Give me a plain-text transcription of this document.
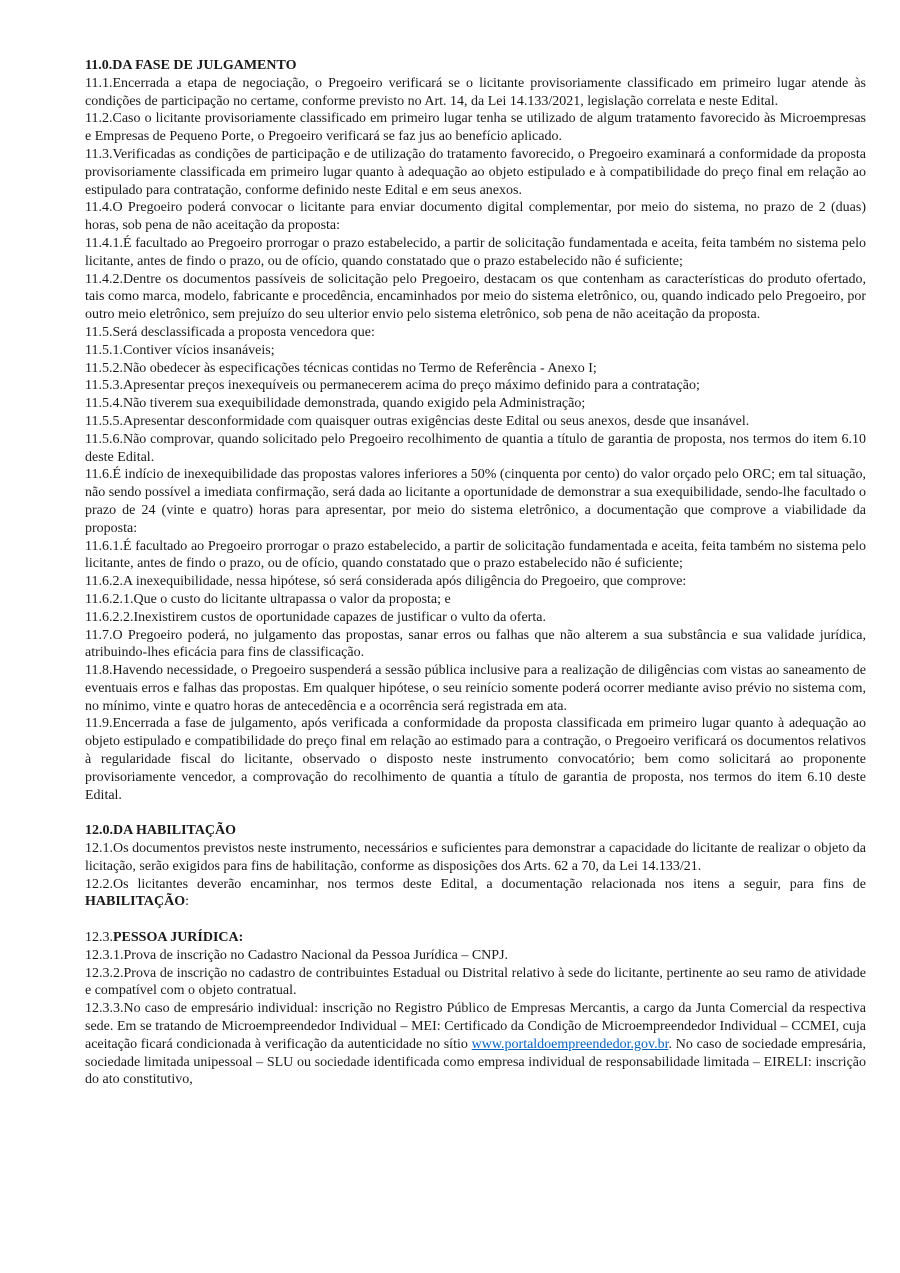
11.0.DA FASE DE JULGAMENTO

11.1.Encerrada a etapa de negociação, o Pregoeiro verificará se o licitante provisoriamente classificado em primeiro lugar atende às condições de participação no certame, conforme previsto no Art. 14, da Lei 14.133/2021, legislação correlata e neste Edital.

11.2.Caso o licitante provisoriamente classificado em primeiro lugar tenha se utilizado de algum tratamento favorecido às Microempresas e Empresas de Pequeno Porte, o Pregoeiro verificará se faz jus ao benefício aplicado.

11.3.Verificadas as condições de participação e de utilização do tratamento favorecido, o Pregoeiro examinará a conformidade da proposta provisoriamente classificada em primeiro lugar quanto à adequação ao objeto estipulado e à compatibilidade do preço final em relação ao estipulado para contratação, conforme definido neste Edital e em seus anexos.

11.4.O Pregoeiro poderá convocar o licitante para enviar documento digital complementar, por meio do sistema, no prazo de 2 (duas) horas, sob pena de não aceitação da proposta:

11.4.1.É facultado ao Pregoeiro prorrogar o prazo estabelecido, a partir de solicitação fundamentada e aceita, feita também no sistema pelo licitante, antes de findo o prazo, ou de ofício, quando constatado que o prazo estabelecido não é suficiente;

11.4.2.Dentre os documentos passíveis de solicitação pelo Pregoeiro, destacam os que contenham as características do produto ofertado, tais como marca, modelo, fabricante e procedência, encaminhados por meio do sistema eletrônico, ou, quando indicado pelo Pregoeiro, por outro meio eletrônico, sem prejuízo do seu ulterior envio pelo sistema eletrônico, sob pena de não aceitação da proposta.

11.5.Será desclassificada a proposta vencedora que:

11.5.1.Contiver vícios insanáveis;

11.5.2.Não obedecer às especificações técnicas contidas no Termo de Referência - Anexo I;

11.5.3.Apresentar preços inexequíveis ou permanecerem acima do preço máximo definido para a contratação;

11.5.4.Não tiverem sua exequibilidade demonstrada, quando exigido pela Administração;

11.5.5.Apresentar desconformidade com quaisquer outras exigências deste Edital ou seus anexos, desde que insanável.

11.5.6.Não comprovar, quando solicitado pelo Pregoeiro recolhimento de quantia a título de garantia de proposta, nos termos do item 6.10 deste Edital.

11.6.É indício de inexequibilidade das propostas valores inferiores a 50% (cinquenta por cento) do valor orçado pelo ORC; em tal situação, não sendo possível a imediata confirmação, será dada ao licitante a oportunidade de demonstrar a sua exequibilidade, sendo-lhe facultado o prazo de 24 (vinte e quatro) horas para apresentar, por meio do sistema eletrônico, a documentação que comprove a viabilidade da proposta:

11.6.1.É facultado ao Pregoeiro prorrogar o prazo estabelecido, a partir de solicitação fundamentada e aceita, feita também no sistema pelo licitante, antes de findo o prazo, ou de ofício, quando constatado que o prazo estabelecido não é suficiente;

11.6.2.A inexequibilidade, nessa hipótese, só será considerada após diligência do Pregoeiro, que comprove:

11.6.2.1.Que o custo do licitante ultrapassa o valor da proposta; e

11.6.2.2.Inexistirem custos de oportunidade capazes de justificar o vulto da oferta.

11.7.O Pregoeiro poderá, no julgamento das propostas, sanar erros ou falhas que não alterem a sua substância e sua validade jurídica, atribuindo-lhes eficácia para fins de classificação.

11.8.Havendo necessidade, o Pregoeiro suspenderá a sessão pública inclusive para a realização de diligências com vistas ao saneamento de eventuais erros e falhas das propostas. Em qualquer hipótese, o seu reinício somente poderá ocorrer mediante aviso prévio no sistema com, no mínimo, vinte e quatro horas de antecedência e a ocorrência será registrada em ata.

11.9.Encerrada a fase de julgamento, após verificada a conformidade da proposta classificada em primeiro lugar quanto à adequação ao objeto estipulado e compatibilidade do preço final em relação ao estimado para a contração, o Pregoeiro verificará os documentos relativos à regularidade fiscal do licitante, observado o disposto neste instrumento convocatório; bem como solicitará ao proponente provisoriamente vencedor, a comprovação do recolhimento de quantia a título de garantia de proposta, nos termos do item 6.10 deste Edital.

12.0.DA HABILITAÇÃO

12.1.Os documentos previstos neste instrumento, necessários e suficientes para demonstrar a capacidade do licitante de realizar o objeto da licitação, serão exigidos para fins de habilitação, conforme as disposições dos Arts. 62 a 70, da Lei 14.133/21.

12.2.Os licitantes deverão encaminhar, nos termos deste Edital, a documentação relacionada nos itens a seguir, para fins de HABILITAÇÃO:

12.3.PESSOA JURÍDICA:

12.3.1.Prova de inscrição no Cadastro Nacional da Pessoa Jurídica – CNPJ.

12.3.2.Prova de inscrição no cadastro de contribuintes Estadual ou Distrital relativo à sede do licitante, pertinente ao seu ramo de atividade e compatível com o objeto contratual.

12.3.3.No caso de empresário individual: inscrição no Registro Público de Empresas Mercantis, a cargo da Junta Comercial da respectiva sede. Em se tratando de Microempreendedor Individual – MEI: Certificado da Condição de Microempreendedor Individual – CCMEI, cuja aceitação ficará condicionada à verificação da autenticidade no sítio www.portaldoempreendedor.gov.br. No caso de sociedade empresária, sociedade limitada unipessoal – SLU ou sociedade identificada como empresa individual de responsabilidade limitada – EIRELI: inscrição do ato constitutivo,
